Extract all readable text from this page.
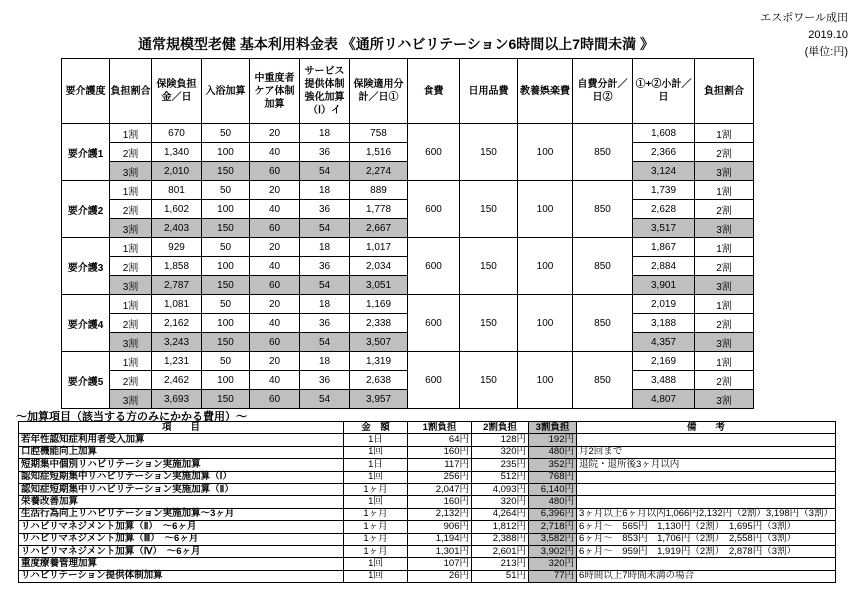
エスポワール成田
2019.10
(単位:円)
通常規模型老健 基本利用料金表 《通所リハビリテーション6時間以上7時間未満 》
要介護度	負担割合	保険負担金／日	入浴加算	中重度者ケア体制加算	サービス提供体制強化加算（Ⅰ）イ	保険適用分計／日①	食費	日用品費	教養娯楽費	自費分計／日②	①+②小計／日	負担割合
要介護1	1割	670	50	20	18	758	600	150	100	850	1,608	1割
	2割	1,340	100	40	36	1,516					2,366	2割
	3割	2,010	150	60	54	2,274					3,124	3割
要介護2	1割	801	50	20	18	889	600	150	100	850	1,739	1割
	2割	1,602	100	40	36	1,778					2,628	2割
	3割	2,403	150	60	54	2,667					3,517	3割
要介護3	1割	929	50	20	18	1,017	600	150	100	850	1,867	1割
	2割	1,858	100	40	36	2,034					2,884	2割
	3割	2,787	150	60	54	3,051					3,901	3割
要介護4	1割	1,081	50	20	18	1,169	600	150	100	850	2,019	1割
	2割	2,162	100	40	36	2,338					3,188	2割
	3割	3,243	150	60	54	3,507					4,357	3割
要介護5	1割	1,231	50	20	18	1,319	600	150	100	850	2,169	1割
	2割	2,462	100	40	36	2,638					3,488	2割
	3割	3,693	150	60	54	3,957					4,807	3割
～加算項目（該当する方のみにかかる費用）～
項　　目	金　額	1割負担	2割負担	3割負担	備　　考
若年性認知症利用者受入加算	1日	64円	128円	192円	
口腔機能向上加算	1回	160円	320円	480円	月2回まで
短期集中個別リハビリテーション実施加算	1日	117円	235円	352円	退院・退所後3ヶ月以内
認知症短期集中リハビリテーション実施加算（Ⅰ）	1回	256円	512円	768円	
認知症短期集中リハビリテーション実施加算（Ⅱ）	1ヶ月	2,047円	4,093円	6,140円	
栄養改善加算	1回	160円	320円	480円	
生活行為向上リハビリテーション実施加算～3ヶ月	1ヶ月	2,132円	4,264円	6,396円	3ヶ月以上6ヶ月以内1,066円2,132円（2割）3,198円（3割）
リハビリマネジメント加算（Ⅱ）　～6ヶ月	1ヶ月	906円	1,812円	2,718円	6ヶ月～　565円　1,130円（2割）　1,695円（3割）
リハビリマネジメント加算（Ⅲ）　～6ヶ月	1ヶ月	1,194円	2,388円	3,582円	6ヶ月～　853円　1,706円（2割）　2,558円（3割）
リハビリマネジメント加算（Ⅳ）　～6ヶ月	1ヶ月	1,301円	2,601円	3,902円	6ヶ月～　959円　1,919円（2割）　2,878円（3割）
重度療養管理加算	1回	107円	213円	320円	
リハビリテーション提供体制加算	1回	26円	51円	77円	6時間以上7時間未満の場合
